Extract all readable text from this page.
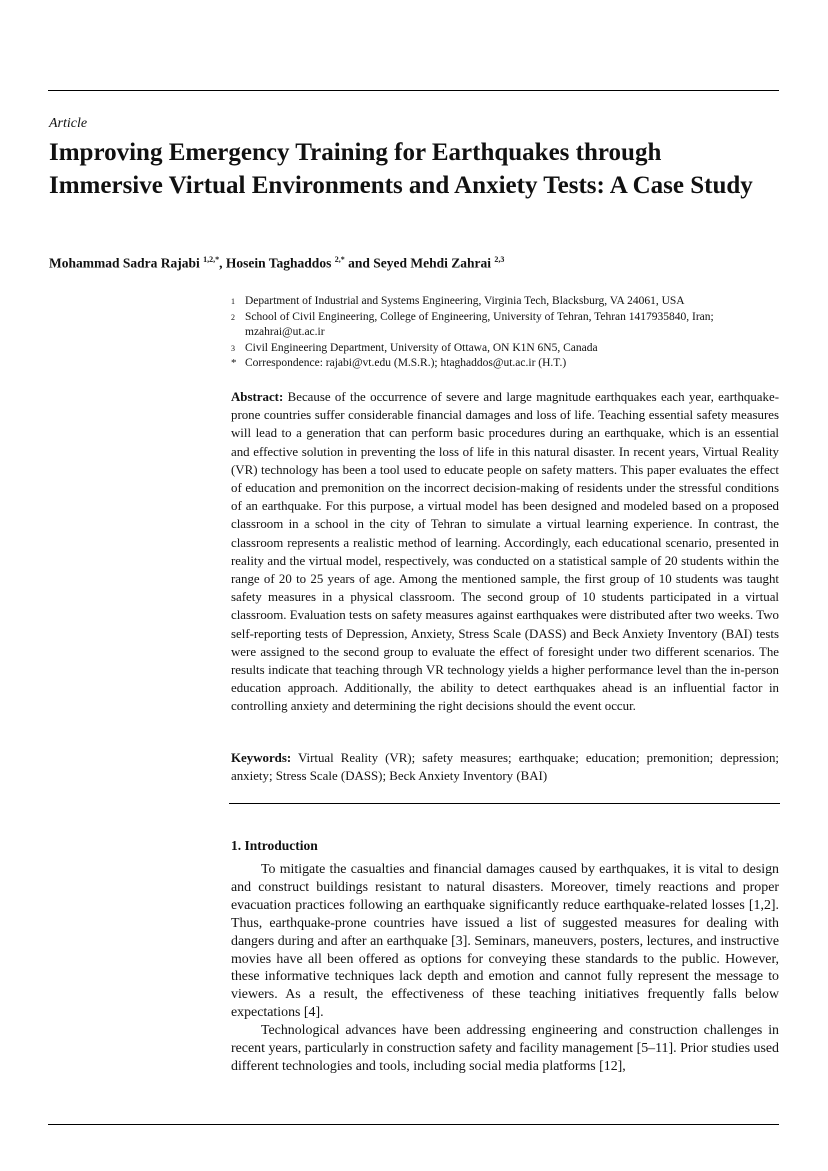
Article
Improving Emergency Training for Earthquakes through Immersive Virtual Environments and Anxiety Tests: A Case Study
Mohammad Sadra Rajabi $^{1,2,*}$, Hosein Taghaddos $^{2,*}$ and Seyed Mehdi Zahrai $^{2,3}$
1 Department of Industrial and Systems Engineering, Virginia Tech, Blacksburg, VA 24061, USA
2 School of Civil Engineering, College of Engineering, University of Tehran, Tehran 1417935840, Iran; mzahrai@ut.ac.ir
3 Civil Engineering Department, University of Ottawa, ON K1N 6N5, Canada
* Correspondence: rajabi@vt.edu (M.S.R.); htaghaddos@ut.ac.ir (H.T.)

Abstract: Because of the occurrence of severe and large magnitude earthquakes each year, earthquake-prone countries suffer considerable financial damages and loss of life. Teaching essential safety measures will lead to a generation that can perform basic procedures during an earthquake, which is an essential and effective solution in preventing the loss of life in this natural disaster. In recent years, Virtual Reality (VR) technology has been a tool used to educate people on safety matters. This paper evaluates the effect of education and premonition on the incorrect decision-making of residents under the stressful conditions of an earthquake. For this purpose, a virtual model has been designed and modeled based on a proposed classroom in a school in the city of Tehran to simulate a virtual learning experience. In contrast, the classroom represents a realistic method of learning. Accordingly, each educational scenario, presented in reality and the virtual model, respectively, was conducted on a statistical sample of 20 students within the range of 20 to 25 years of age. Among the mentioned sample, the first group of 10 students was taught safety measures in a physical classroom. The second group of 10 students participated in a virtual classroom. Evaluation tests on safety measures against earthquakes were distributed after two weeks. Two self-reporting tests of Depression, Anxiety, Stress Scale (DASS) and Beck Anxiety Inventory (BAI) tests were assigned to the second group to evaluate the effect of foresight under two different scenarios. The results indicate that teaching through VR technology yields a higher performance level than the in-person education approach. Additionally, the ability to detect earthquakes ahead is an influential factor in controlling anxiety and determining the right decisions should the event occur.

Keywords: Virtual Reality (VR); safety measures; earthquake; education; premonition; depression; anxiety; Stress Scale (DASS); Beck Anxiety Inventory (BAI)

1. Introduction

To mitigate the casualties and financial damages caused by earthquakes, it is vital to design and construct buildings resistant to natural disasters. Moreover, timely reactions and proper evacuation practices following an earthquake significantly reduce earthquake-related losses [1,2]. Thus, earthquake-prone countries have issued a list of suggested measures for dealing with dangers during and after an earthquake [3]. Seminars, maneuvers, posters, lectures, and instructive movies have all been offered as options for conveying these standards to the public. However, these informative techniques lack depth and emotion and cannot fully represent the message to viewers. As a result, the effectiveness of these teaching initiatives frequently falls below expectations [4].

Technological advances have been addressing engineering and construction challenges in recent years, particularly in construction safety and facility management [5–11]. Prior studies used different technologies and tools, including social media platforms [12],
